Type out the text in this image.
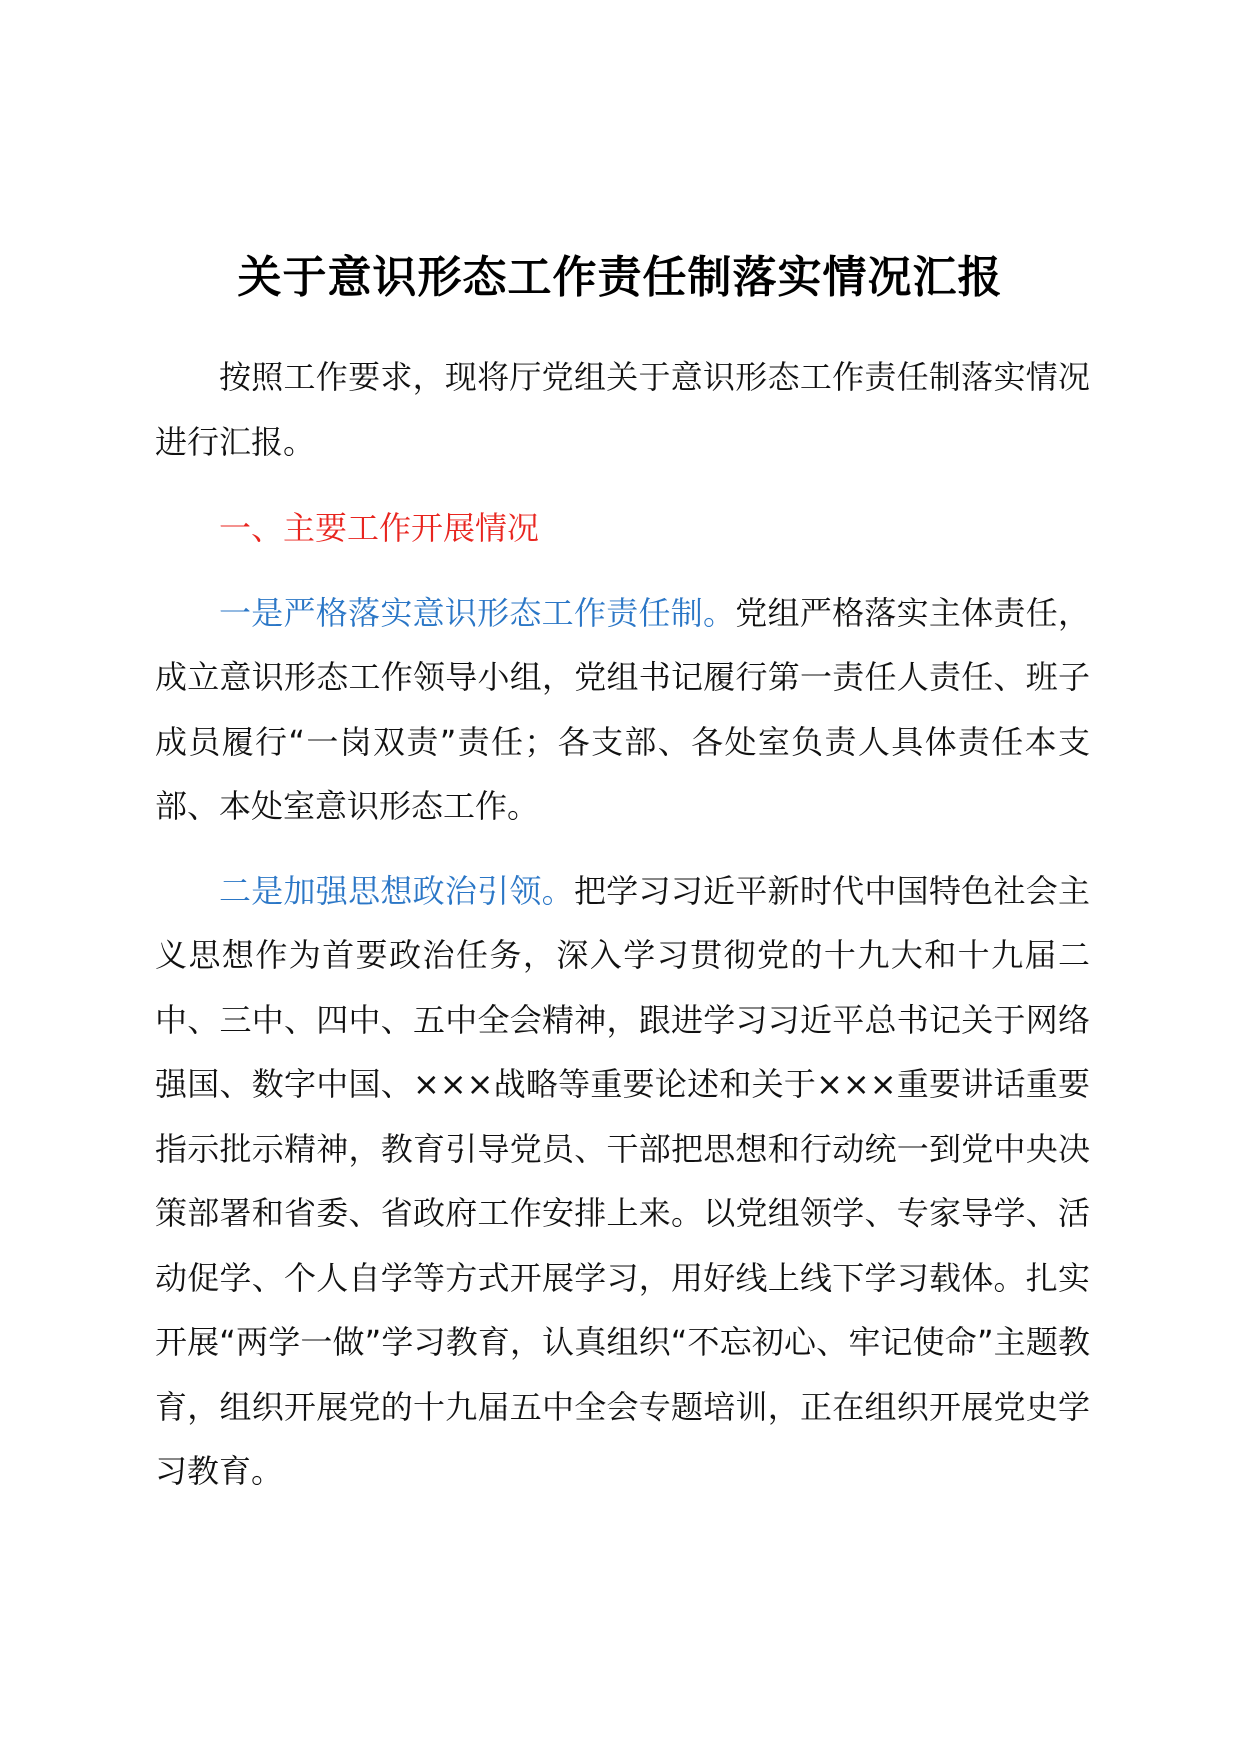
关于意识形态工作责任制落实情况汇报

按照工作要求，现将厅党组关于意识形态工作责任制落实情况进行汇报。

一、主要工作开展情况

一是严格落实意识形态工作责任制。党组严格落实主体责任，成立意识形态工作领导小组，党组书记履行第一责任人责任、班子成员履行“一岗双责”责任；各支部、各处室负责人具体责任本支部、本处室意识形态工作。

二是加强思想政治引领。把学习习近平新时代中国特色社会主义思想作为首要政治任务，深入学习贯彻党的十九大和十九届二中、三中、四中、五中全会精神，跟进学习习近平总书记关于网络强国、数字中国、×××战略等重要论述和关于×××重要讲话重要指示批示精神，教育引导党员、干部把思想和行动统一到党中央决策部署和省委、省政府工作安排上来。以党组领学、专家导学、活动促学、个人自学等方式开展学习，用好线上线下学习载体。扎实开展“两学一做”学习教育，认真组织“不忘初心、牢记使命”主题教育，组织开展党的十九届五中全会专题培训，正在组织开展党史学习教育。
